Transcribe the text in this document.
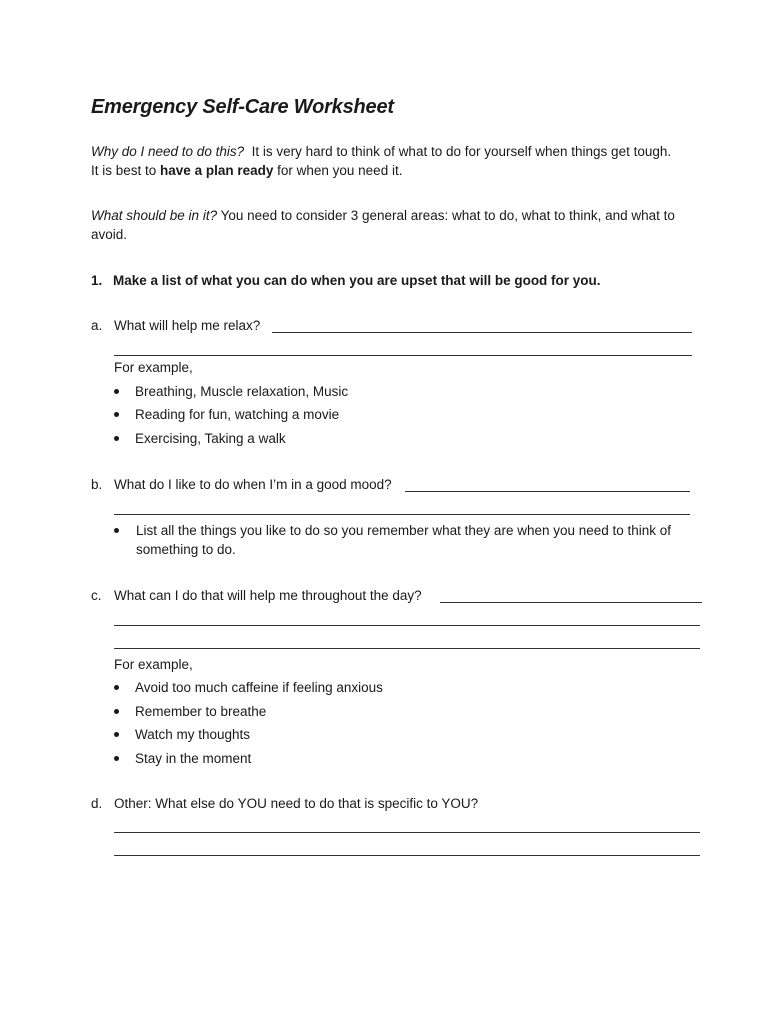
Emergency Self-Care Worksheet
Why do I need to do this? It is very hard to think of what to do for yourself when things get tough.
It is best to have a plan ready for when you need it.
What should be in it? You need to consider 3 general areas: what to do, what to think, and what to avoid.
1. Make a list of what you can do when you are upset that will be good for you.
a. What will help me relax?
For example,
Breathing, Muscle relaxation, Music
Reading for fun, watching a movie
Exercising, Taking a walk
b. What do I like to do when I’m in a good mood?
List all the things you like to do so you remember what they are when you need to think of something to do.
c. What can I do that will help me throughout the day?
For example,
Avoid too much caffeine if feeling anxious
Remember to breathe
Watch my thoughts
Stay in the moment
d. Other: What else do YOU need to do that is specific to YOU?
